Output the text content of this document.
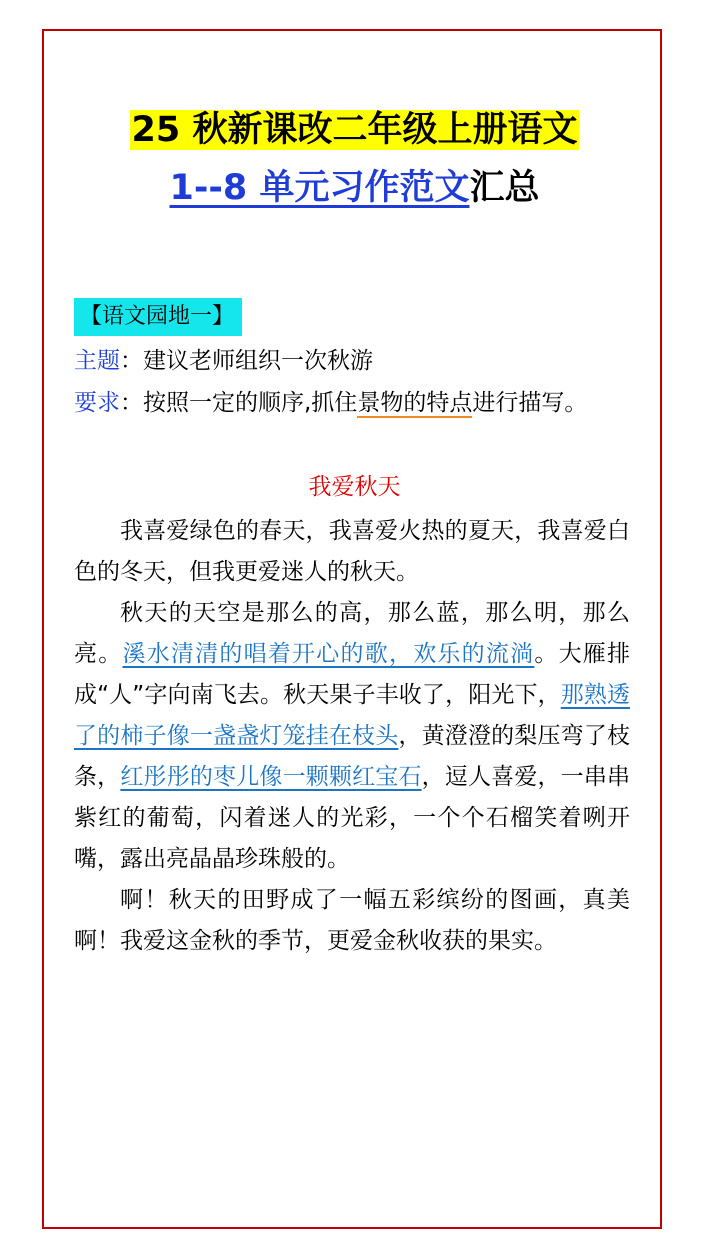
25 秋新课改二年级上册语文
1--8 单元习作范文汇总
【语文园地一】
主题：建议老师组织一次秋游
要求：按照一定的顺序,抓住景物的特点进行描写。
我爱秋天

我喜爱绿色的春天，我喜爱火热的夏天，我喜爱白色的冬天，但我更爱迷人的秋天。

秋天的天空是那么的高，那么蓝，那么明，那么亮。溪水清清的唱着开心的歌，欢乐的流淌。大雁排成“人”字向南飞去。秋天果子丰收了，阳光下，那熟透了的柿子像一盏盏灯笼挂在枝头，黄澄澄的梨压弯了枝条，红彤彤的枣儿像一颗颗红宝石，逗人喜爱，一串串紫红的葡萄，闪着迷人的光彩，一个个石榴笑着咧开嘴，露出亮晶晶珍珠般的。

啊！秋天的田野成了一幅五彩缤纷的图画，真美啊！我爱这金秋的季节，更爱金秋收获的果实。
